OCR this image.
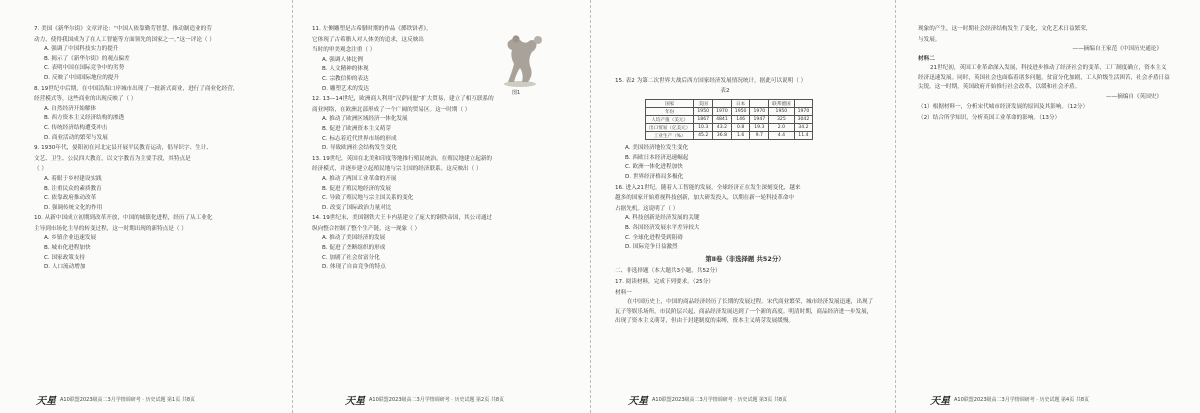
7. 美国《新华尔街》文章评论：“中国人依靠勤劳智慧，推动制造业的劳
动力，使得我国成为了在人工智能等方面领先的国家之一。”这一评论（ ）
A. 强调了中国科技实力的提升
B. 揭示了《新华尔街》的观点偏差
C. 表明中国在国际竞争中的劣势
D. 反映了中国国际地位的提升
8. 19世纪中后期，在中国沿海口岸城市出现了一批新式商业，进行了商业化经营，
经营模式等，这些商业的出现反映了（ ）
A. 自然经济开始解体
B. 西方资本主义经济结构的渗透
C. 传统经济结构遭受冲击
D. 商业活动的繁荣与发展
9. 1930年代，晏阳初在河北定县开展平民教育运动，倡导识字、生计、
文艺、卫生、公民四大教育，以文字教育为主要手段，其特点是
（ ）
A. 着眼于乡村建设实践
B. 注重民众的素质教育
C. 依靠政府推动改革
D. 强调传统文化的作用
10. 从新中国成立初期到改革开放，中国的城镇化进程，经历了从工业化
主导到市场化主导的转变过程，这一时期出现的新特点是（ ）
A. 乡镇企业迅速发展
B. 城市化进程加快
C. 国家政策支持
D. 人口流动增加
天星 A10联盟2023级高二3月学情调研考 · 历史试题 第1页 共8页
11. 左侧雕塑是古希腊时期的作品《掷铁饼者》，
它体现了古希腊人对人体美的追求，这反映出
当时的审美观念注重（ ）
A. 强调人体比例
B. 人文精神的体现
C. 宗教信仰的表达
D. 雕塑艺术的发达
12. 13—14世纪，欧洲商人利用“汉萨同盟”扩大贸易，建立了相互联系的
商业网络，在欧洲北部形成了一个广阔的贸易区。这一时期（ ）
A. 推动了欧洲区域经济一体化发展
B. 促进了欧洲资本主义萌芽
C. 标志着近代世界市场的形成
D. 导致欧洲社会结构发生变化
13. 19世纪，英国在北美和印度等地推行殖民统治，在殖民地建立起新的
经济模式，并逐步建立起殖民地与宗主国的经济联系。这反映出（ ）
A. 推动了两国工业革命的开展
B. 促进了殖民地经济的发展
C. 导致了殖民地与宗主国关系的变化
D. 改变了国际政治力量对比
14. 19世纪末，美国钢铁大王卡内基建立了庞大的钢铁帝国，其公司通过
纵向整合控制了整个生产链，这一现象（ ）
A. 推动了美国经济的发展
B. 促进了垄断组织的形成
C. 加剧了社会贫富分化
D. 体现了自由竞争的特点
图1
天星 A10联盟2023级高二3月学情调研考 · 历史试题 第2页 共8页
15. 表2 为第二次世界大战后西方国家经济发展情况统计，据此可以说明（ ）
表2
国家	美国		日本		联邦德国	
年份	1950	1970	1950	1970	1950	1970
人均产值（美元）	1867	4841	146	1947	325	3042
出口贸易（亿美元）	10.3	43.2	0.8	19.3	2.0	34.2
工业生产（%）	45.2	36.8	1.6	9.7	4.4	11.4
A. 美国经济地位发生变化
B. 西欧日本经济迅速崛起
C. 欧洲一体化进程加快
D. 世界经济格局多极化
16. 进入21世纪，随着人工智能的发展，全球经济正在发生深刻变化，越来
越多的国家开始重视科技创新，加大研发投入，以期在新一轮科技革命中
占据先机。这说明了（ ）
A. 科技创新是经济发展的关键
B. 各国经济发展水平差异较大
C. 全球化进程受到阻碍
D. 国际竞争日益激烈
第Ⅱ卷（非选择题 共52分）
二、非选择题（本大题共3小题，共52分）
17. 阅读材料，完成下列要求。（25分）
材料一
在中国历史上，中国的商品经济经历了长期的发展过程。宋代商业繁荣，城市经济发展迅速，出现了瓦子等娱乐场所，市民阶层兴起，商品经济发展达到了一个新的高度。明清时期，商品经济进一步发展，出现了资本主义萌芽，但由于封建制度的束缚，资本主义萌芽发展缓慢。
天星 A10联盟2023级高二3月学情调研考 · 历史试题 第3页 共8页
现象的产生，这一时期社会经济结构发生了变化，文化艺术日益繁荣，
与发展。
——摘编自王家范《中国历史通论》
材料二
21世纪初，英国工业革命深入发展，科技进步推动了经济社会的变革，工厂制度确立，资本主义经济迅速发展。同时，英国社会也面临着诸多问题，贫富分化加剧，工人阶级生活困苦，社会矛盾日益尖锐。这一时期，英国政府开始推行社会改革，以缓和社会矛盾。
——摘编自《英国史》
（1）根据材料一，分析宋代城市经济发展的原因及其影响。（12分）
（2）结合所学知识，分析英国工业革命的影响。（13分）
天星 A10联盟2023级高二3月学情调研考 · 历史试题 第4页 共8页
